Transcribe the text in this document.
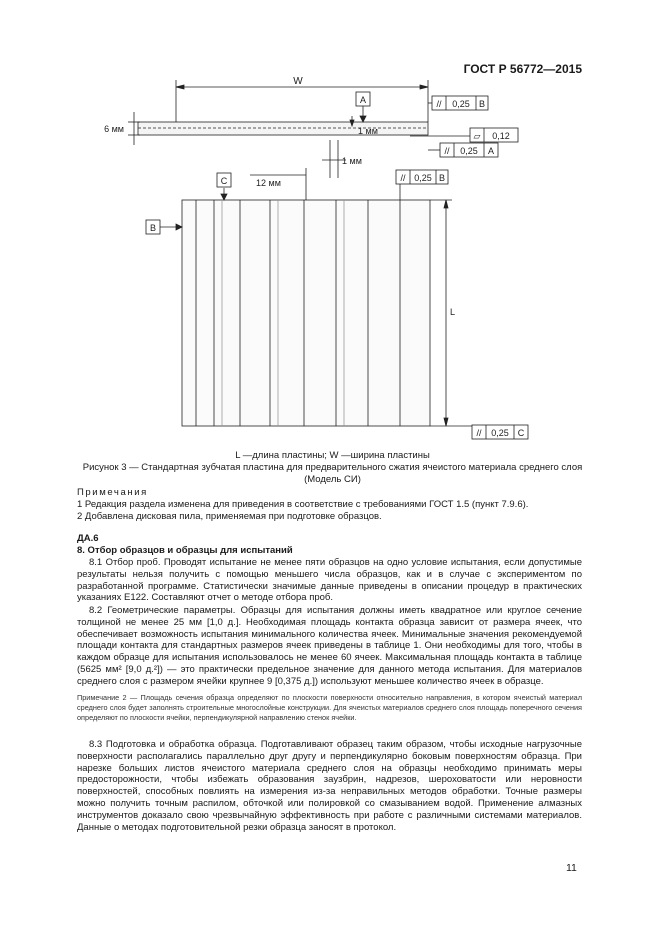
ГОСТ Р 56772—2015
W
A
C
B
6 мм	1 мм
1 мм
12 мм
L
// 0,25 B
▱ 0,12
// 0,25 A
// 0,25 B
// 0,25 C
L —длина пластины; W —ширина пластины
Рисунок 3 — Стандартная зубчатая пластина для предварительного сжатия ячеистого материала среднего слоя
(Модель СИ)
Примечания
1 Редакция раздела изменена для приведения в соответствие с требованиями ГОСТ 1.5 (пункт 7.9.6).
2 Добавлена дисковая пила, применяемая при подготовке образцов.
ДА.6
8. Отбор образцов и образцы для испытаний
8.1 Отбор проб. Проводят испытание не менее пяти образцов на одно условие испытания, если допустимые результаты нельзя получить с помощью меньшего числа образцов, как и в случае с экспериментом по разработанной программе. Статистически значимые данные приведены в описании процедур в практических указаниях E122. Составляют отчет о методе отбора проб.
8.2 Геометрические параметры. Образцы для испытания должны иметь квадратное или круглое сечение толщиной не менее 25 мм [1,0 д.]. Необходимая площадь контакта образца зависит от размера ячеек, что обеспечивает возможность испытания минимального количества ячеек. Минимальные значения рекомендуемой площади контакта для стандартных размеров ячеек приведены в таблице 1. Они необходимы для того, чтобы в каждом образце для испытания использовалось не менее 60 ячеек. Максимальная площадь контакта в таблице (5625 мм² [9,0 д.²]) — это практически предельное значение для данного метода испытания. Для материалов среднего слоя с размером ячейки крупнее 9 [0,375 д.]) используют меньшее количество ячеек в образце.
Примечание 2 — Площадь сечения образца определяют по плоскости поверхности относительно направления, в котором ячеистый материал среднего слоя будет заполнять строительные многослойные конструкции. Для ячеистых материалов среднего слоя площадь поперечного сечения определяют по плоскости ячейки, перпендикулярной направлению стенок ячейки.
8.3 Подготовка и обработка образца. Подготавливают образец таким образом, чтобы исходные нагрузочные поверхности располагались параллельно друг другу и перпендикулярно боковым поверхностям образца. При нарезке больших листов ячеистого материала среднего слоя на образцы необходимо принимать меры предосторожности, чтобы избежать образования заузбрин, надрезов, шероховатости или неровности поверхностей, способных повлиять на измерения из-за неправильных методов обработки. Точные размеры можно получить точным распилом, обточкой или полировкой со смазыванием водой. Применение алмазных инструментов доказало свою чрезвычайную эффективность при работе с различными системами материалов. Данные о методах подготовительной резки образца заносят в протокол.
11
